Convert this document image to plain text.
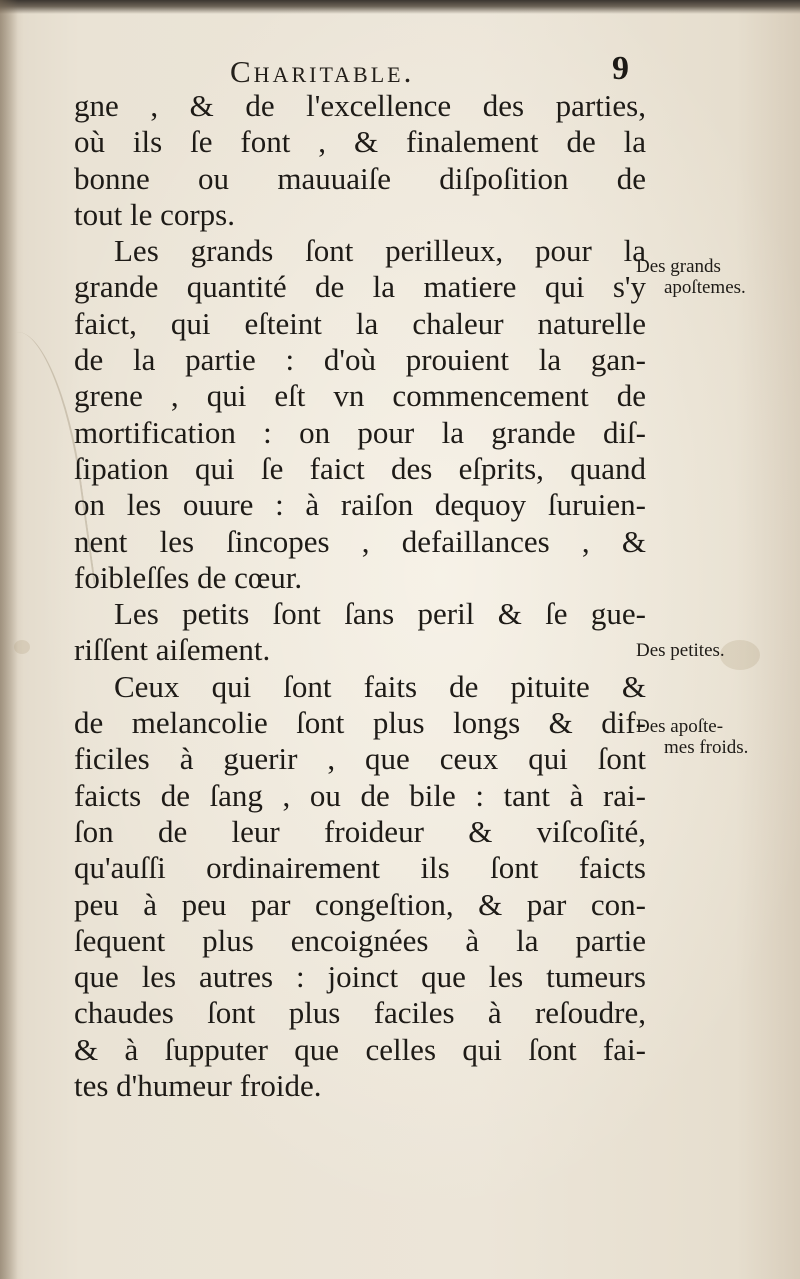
Charitable.	9
gne , & de l'excellence des parties,
où ils ſe font , & finalement de la
bonne ou mauuaiſe diſpoſition de
tout le corps.
Les grands ſont perilleux, pour la
grande quantité de la matiere qui s'y
faict, qui eſteint la chaleur naturelle
de la partie : d'où prouient la gan-
grene , qui eſt vn commencement de
mortification : on pour la grande diſ-
ſipation qui ſe faict des eſprits, quand
on les ouure : à raiſon dequoy ſuruien-
nent les ſincopes , defaillances , &
foibleſſes de cœur.
Les petits ſont ſans peril & ſe gue-
riſſent aiſement.
Ceux qui ſont faits de pituite &
de melancolie ſont plus longs & dif-
ficiles à guerir , que ceux qui ſont
faicts de ſang , ou de bile : tant à rai-
ſon de leur froideur & viſcoſité,
qu'auſſi ordinairement ils ſont faicts
peu à peu par congeſtion, & par con-
ſequent plus encoignées à la partie
que les autres : joinct que les tumeurs
chaudes ſont plus faciles à reſoudre,
& à ſupputer que celles qui ſont fai-
tes d'humeur froide.
Des grands
apoſtemes.
Des petites.
Des apoſte-
mes froids.
